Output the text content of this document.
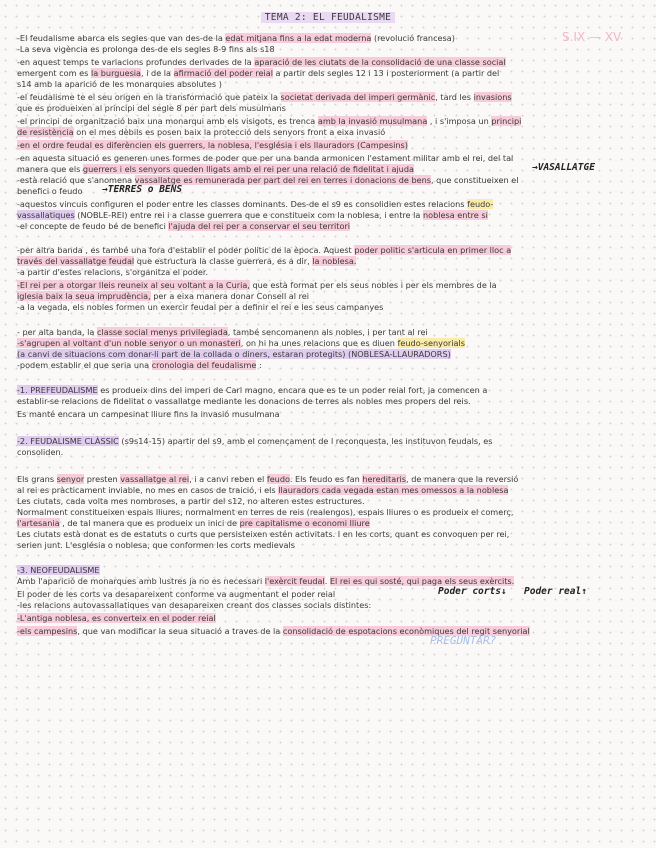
TEMA 2: EL FEUDALISME
S.IX — XV
-El feudalisme abarca els segles que van des-de la edat mitjana fins a la edat moderna (revolució francesa)
-La seva vigència es prolonga des-de els segles 8-9 fins als s18
-en aquest temps te variacions profundes derivades de la aparació de les ciutats de la consolidació de una classe social
emergent com es la burguesia, i de la afirmació del poder reial a partir dels segles 12 i 13 i posteriorment (a partir del
s14 amb la aparició de les monarquies absolutes )
-el feudalisme te el seu origen en la transformació que pateix la societat derivada del imperi germànic, tard les invasions
que es produeixen al principi del segle 8 per part dels musulmans
-el principi de organització baix una monarqui amb els visigots, es trenca amb la invasió musulmana , i s'imposa un principi
de resistència on el mes dèbils es posen baix la protecció dels senyors front a eixa invasió
-en el ordre feudal es diferèncien els guerrers, la noblesa, l'església i els llauradors (Campesins)
-en aquesta situació es generen unes formes de poder que per una banda armonicen l'estament militar amb el rei, del tal
manera que els guerrers i els senyors queden lligats amb el rei per una relació de fidelitat i ajuda
-està relació que s'anomena vassallatge es remunerada per part del rei en terres i donacions de bens, que constitueixen el
benefici o feudo
-aquestos vincuis configuren el poder entre les classes dominants. Des-de el s9 es consolidien estes relacions feudo-
vassallatiques (NOBLE-REI) entre rei i a classe guerrera que e constitueix com la noblesa, i entre la noblesa entre si
-el concepte de feudo bé de benefici l'ajuda del rei per a conservar el seu territori
-per altra banda , es també una fora d'establir el poder politic de la època. Aquest poder politic s'articula en primer lloc a
través del vassallatge feudal que estructura la classe guerrera, es a dir, la noblesa.
-a partir d'estes relacions, s'organitza el poder.
-El rei per a otorgar lleis reuneix al seu voltant a la Curia, que està format per els seus nobles i per els membres de la
iglesia baix la seua imprudència, per a eixa manera donar Consell al rei
-a la vegada, els nobles formen un exercir feudal per a definir el rei e les seus campanyes
- per alta banda, la classe social menys privilegiada, també sencomanenn als nobles, i per tant al rei
-s'agrupen al voltant d'un noble senyor o un monasteri, on hi ha unes relacions que es diuen feudo-senyorials
(a canvi de situacions com donar-li part de la collada o diners, estaran protegits) (NOBLESA-LLAURADORS)
-podem establir el que seria una cronologia del feudalisme :
-1. PREFEUDALISME es produeix dins del imperi de Carl magno, encara que es te un poder reial fort, ja comencen a
establir-se relacions de fidelitat o vassallatge mediante les donacions de terres als nobles mes propers del reis.
Es manté encara un campesinat lliure fins la invasió musulmana
-2. FEUDALISME CLÀSSIC (s9s14-15) apartir del s9, amb el començament de l reconquesta, les instituvon feudals, es
consoliden.
Els grans senyor presten vassallatge al rei, i a canvi reben el feudo. Els feudo es fan hereditaris, de manera que la reversió
al rei es pràcticament inviable, no mes en casos de traició, i els llauradors cada vegada estan mes omessos a la noblesa
Les ciutats, cada volta mes nombroses, a partir del s12, no alteren estes estructures.
Normalment constitueixen espais lliures, normalment en terres de reis (realengos), espais lliures o es produeix el comerç,
l'artesania , de tal manera que es produeix un inici de pre capitalisme o economi lliure
Les ciutats està donat es de estatuts o curts que persisteixen estén activitats. I en les corts, quant es convoquen per rei,
serien junt. L'església o noblesa, que conformen les corts medievals
-3. NEOFEUDALISME
Amb l'aparició de monarques amb lustres ja no es necessari l'exèrcit feudal. El rei es qui sosté, qui paga els seus exèrcits.
El poder de les corts va desapareixent conforme va augmentant el poder reial
-les relacions autovassallatiques van desapareixen creant dos classes socials distintes:
-L'antiga noblesa, es converteix en el poder reial
-els campesins, que van modificar la seua situació a traves de la consolidació de espotacions econòmiques del regit senyorial
→VASALLATGE
→TERRES o BENS
Poder corts↓ Poder real↑
PREGUNTAR?
